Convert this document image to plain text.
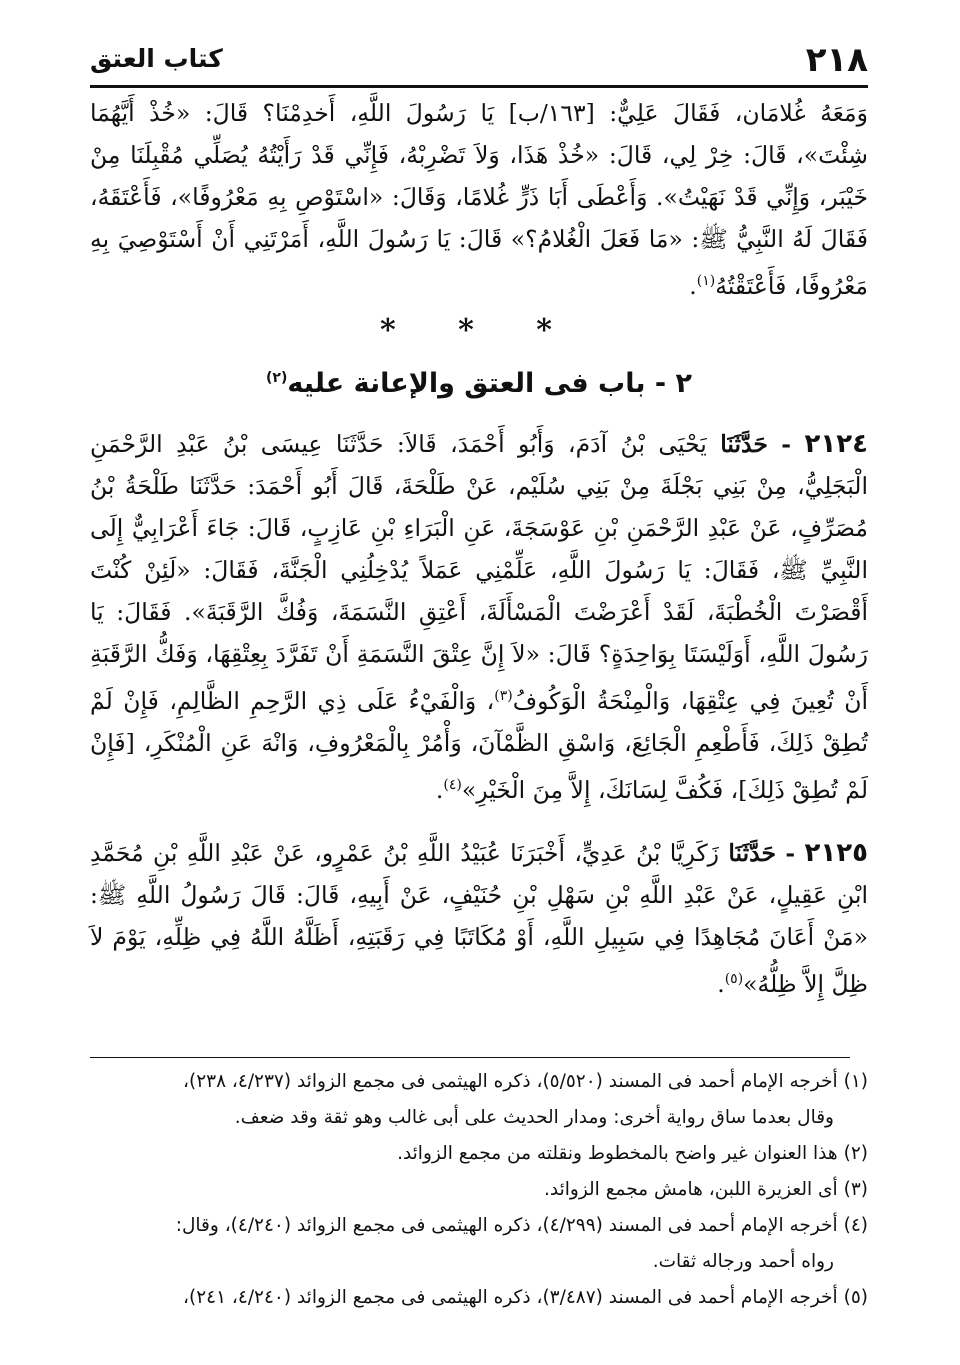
٢١٨
كتاب العتق

وَمَعَهُ غُلامَان، فَقَالَ عَلِيٌّ: [١٦٣/ب] يَا رَسُولَ اللَّهِ، أَخدِمْنَا؟ قَالَ: «خُذْ أَيَّهُمَا شِئْتَ»، قَالَ: خِرْ لِي، قَالَ: «خُذْ هَذَا، وَلاَ تَضْرِبْهُ، فَإِنِّي قَدْ رَأَيْتُهُ يُصَلِّي مُقْبِلَنَا مِنْ خَيْبَر، وَإِنِّي قَدْ نَهَيْتُ». وَأَعْطَى أَبَا ذَرٍّ غُلامًا، وَقَالَ: «اسْتَوْصِ بِهِ مَعْرُوفًا»، فَأَعْتَقَهُ، فَقَالَ لَهُ النَّبِيُّ ﷺ: «مَا فَعَلَ الْغُلامُ؟» قَالَ: يَا رَسُولَ اللَّهِ، أَمَرْتَنِي أَنْ أَسْتَوْصِيَ بِهِ مَعْرُوفًا، فَأَعْتَقْتُهُ$^{(١)}$.

* * *

٢ - باب فى العتق والإعانة عليه$^{(٢)}$

٢١٢٤ - حَدَّثَنَا يَحْيَى بْنُ آدَمَ، وَأَبُو أَحْمَدَ، قَالاَ: حَدَّثَنَا عِيسَى بْنُ عَبْدِ الرَّحْمَنِ الْبَجَلِيُّ، مِنْ بَنِي بَجْلَةَ مِنْ بَنِي سُلَيْم، عَنْ طَلْحَةَ، قَالَ أَبُو أَحْمَدَ: حَدَّثَنَا طَلْحَةُ بْنُ مُصَرِّفٍ، عَنْ عَبْدِ الرَّحْمَنِ بْنِ عَوْسَجَةَ، عَنِ الْبَرَاءِ بْنِ عَازِبٍ، قَالَ: جَاءَ أَعْرَابِيٌّ إِلَى النَّبِيِّ ﷺ، فَقَالَ: يَا رَسُولَ اللَّهِ، عَلِّمْنِي عَمَلاً يُدْخِلُنِي الْجَنَّةَ، فَقَالَ: «لَئِنْ كُنْتَ أَقْصَرْتَ الْخُطْبَةَ، لَقَدْ أَعْرَضْتَ الْمَسْأَلَةَ، أَعْتِقِ النَّسَمَةَ، وَفُكَّ الرَّقَبَةَ». فَقَالَ: يَا رَسُولَ اللَّهِ، أَوَلَيْسَتَا بِوَاحِدَةٍ؟ قَالَ: «لاَ إِنَّ عِتْقَ النَّسَمَةِ أَنْ تَفَرَّدَ بِعِتْقِهَا، وَفَكُّ الرَّقَبَةِ أَنْ تُعِينَ فِي عِتْقِهَا، وَالْمِنْحَةُ الْوَكُوفُ$^{(٣)}$، وَالْفَيْءُ عَلَى ذِي الرَّحِمِ الظَّالِمِ، فَإِنْ لَمْ تُطِقْ ذَلِكَ، فَأَطْعِمِ الْجَائِعَ، وَاسْقِ الظَّمْآنَ، وَأْمُرْ بِالْمَعْرُوفِ، وَانْهَ عَنِ الْمُنْكَرِ، [فَإِنْ لَمْ تُطِقْ ذَلِكَ]، فَكُفَّ لِسَانَكَ، إِلاَّ مِنَ الْخَيْرِ»$^{(٤)}$.

٢١٢٥ - حَدَّثَنَا زَكَرِيَّا بْنُ عَدِيٍّ، أَخْبَرَنَا عُبَيْدُ اللَّهِ بْنُ عَمْرٍو، عَنْ عَبْدِ اللَّهِ بْنِ مُحَمَّدِ ابْنِ عَقِيلٍ، عَنْ عَبْدِ اللَّهِ بْنِ سَهْلِ بْنِ حُنَيْفٍ، عَنْ أَبِيهِ، قَالَ: قَالَ رَسُولُ اللَّهِ ﷺ: «مَنْ أَعَانَ مُجَاهِدًا فِي سَبِيلِ اللَّهِ، أَوْ مُكَاتَبًا فِي رَقَبَتِهِ، أَظَلَّهُ اللَّهُ فِي ظِلِّهِ، يَوْمَ لاَ ظِلَّ إِلاَّ ظِلُّهُ»$^{(٥)}$.

(١)أخرجه الإمام أحمد فى المسند (٥/٥٢٠)، ذكره الهيثمى فى مجمع الزوائد (٤/٢٣٧، ٢٣٨)،
وقال بعدما ساق رواية أخرى: ومدار الحديث على أبى غالب وهو ثقة وقد ضعف.

(٢)هذا العنوان غير واضح بالمخطوط ونقلته من مجمع الزوائد.

(٣)أى العزيرة اللبن، هامش مجمع الزوائد.

(٤)أخرجه الإمام أحمد فى المسند (٤/٢٩٩)، ذكره الهيثمى فى مجمع الزوائد (٤/٢٤٠)، وقال:
رواه أحمد ورجاله ثقات.

(٥)أخرجه الإمام أحمد فى المسند (٣/٤٨٧)، ذكره الهيثمى فى مجمع الزوائد (٤/٢٤٠، ٢٤١)،
